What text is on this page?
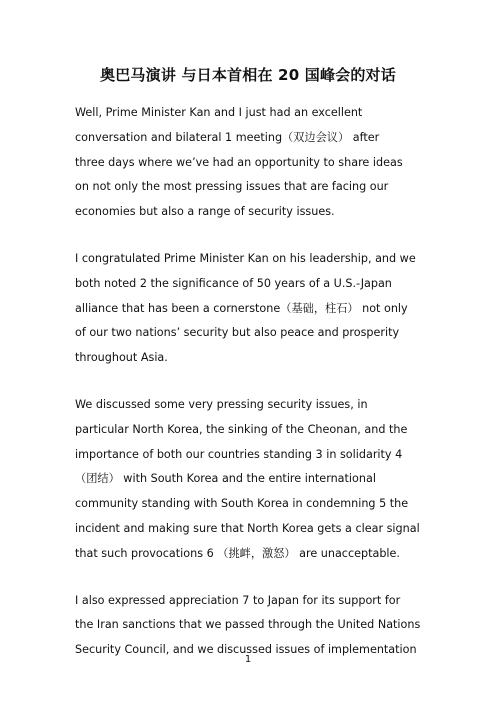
奥巴马演讲 与日本首相在 20 国峰会的对话

Well, Prime Minister Kan and I just had an excellent
conversation and bilateral 1 meeting（双边会议） after
three days where we’ve had an opportunity to share ideas
on not only the most pressing issues that are facing our
economies but also a range of security issues.

I congratulated Prime Minister Kan on his leadership, and we
both noted 2 the significance of 50 years of a U.S.-Japan
alliance that has been a cornerstone（基础，柱石） not only
of our two nations’ security but also peace and prosperity
throughout Asia.

We discussed some very pressing security issues, in
particular North Korea, the sinking of the Cheonan, and the
importance of both our countries standing 3 in solidarity 4
（团结） with South Korea and the entire international
community standing with South Korea in condemning 5 the
incident and making sure that North Korea gets a clear signal
that such provocations 6 （挑衅，激怒） are unacceptable.

I also expressed appreciation 7 to Japan for its support for
the Iran sanctions that we passed through the United Nations
Security Council, and we discussed issues of implementation

1
